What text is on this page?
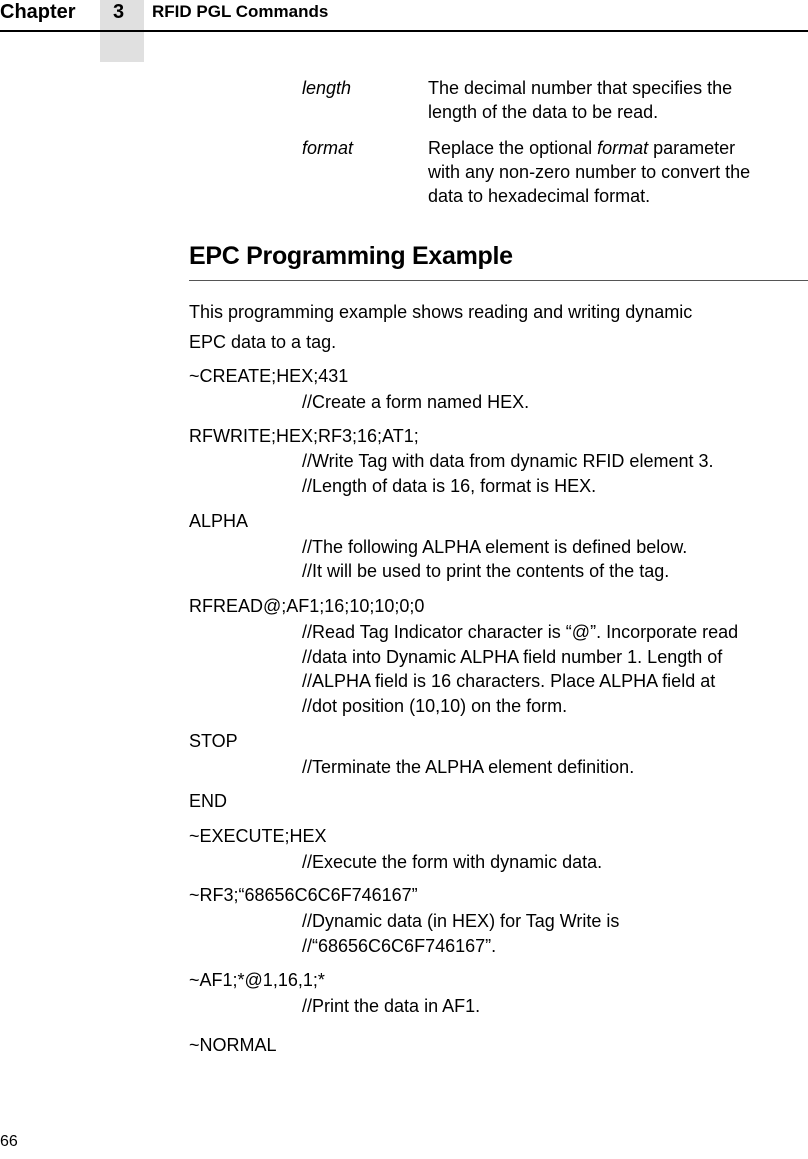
Chapter 3 RFID PGL Commands
length	The decimal number that specifies the
length of the data to be read.
format	Replace the optional format parameter
with any non-zero number to convert the
data to hexadecimal format.
EPC Programming Example
This programming example shows reading and writing dynamic
EPC data to a tag.
~CREATE;HEX;431
//Create a form named HEX.
RFWRITE;HEX;RF3;16;AT1;
//Write Tag with data from dynamic RFID element 3.
//Length of data is 16, format is HEX.
ALPHA
//The following ALPHA element is defined below.
//It will be used to print the contents of the tag.
RFREAD@;AF1;16;10;10;0;0
//Read Tag Indicator character is “@”. Incorporate read
//data into Dynamic ALPHA field number 1. Length of
//ALPHA field is 16 characters. Place ALPHA field at
//dot position (10,10) on the form.
STOP
//Terminate the ALPHA element definition.
END
~EXECUTE;HEX
//Execute the form with dynamic data.
~RF3;“68656C6C6F746167”
//Dynamic data (in HEX) for Tag Write is
//“68656C6C6F746167”.
~AF1;*@1,16,1;*
//Print the data in AF1.
~NORMAL
66
